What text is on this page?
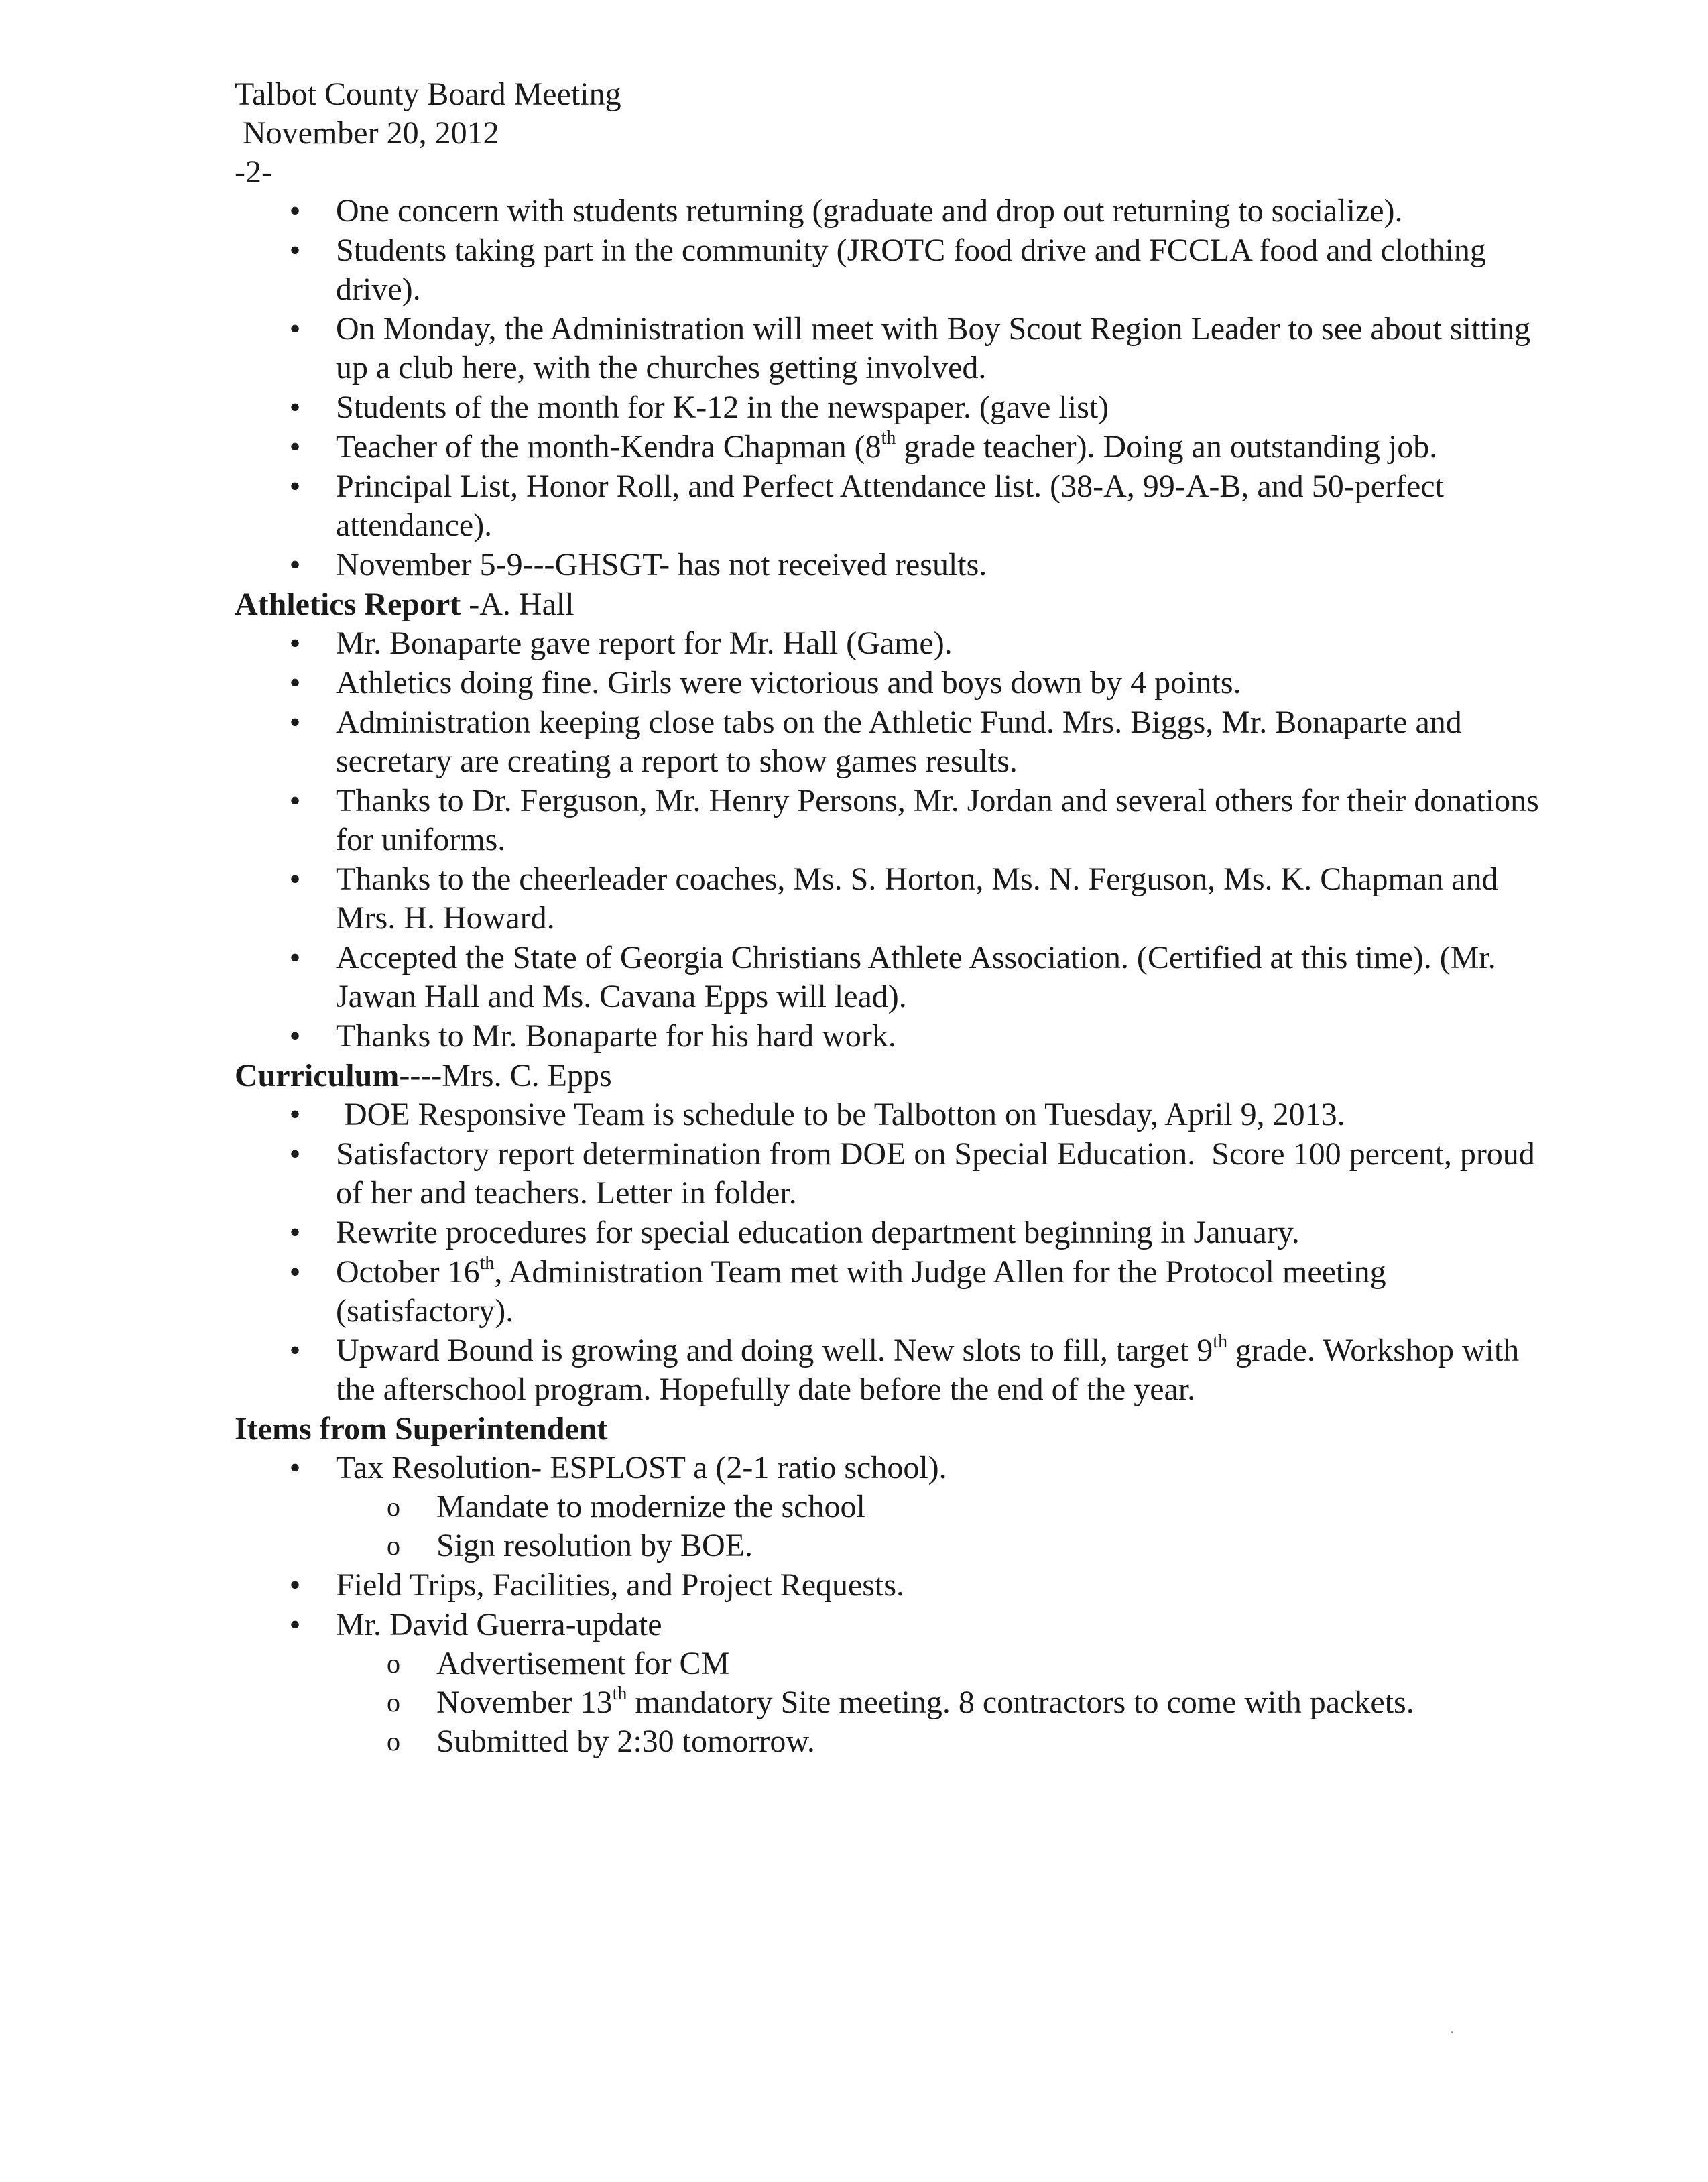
Talbot County Board Meeting
November 20, 2012
-2-
• One concern with students returning (graduate and drop out returning to socialize).
• Students taking part in the community (JROTC food drive and FCCLA food and clothing drive).
• On Monday, the Administration will meet with Boy Scout Region Leader to see about sitting up a club here, with the churches getting involved.
• Students of the month for K-12 in the newspaper. (gave list)
• Teacher of the month-Kendra Chapman (8th grade teacher). Doing an outstanding job.
• Principal List, Honor Roll, and Perfect Attendance list. (38-A, 99-A-B, and 50-perfect attendance).
• November 5-9---GHSGT- has not received results.
Athletics Report -A. Hall
• Mr. Bonaparte gave report for Mr. Hall (Game).
• Athletics doing fine. Girls were victorious and boys down by 4 points.
• Administration keeping close tabs on the Athletic Fund. Mrs. Biggs, Mr. Bonaparte and secretary are creating a report to show games results.
• Thanks to Dr. Ferguson, Mr. Henry Persons, Mr. Jordan and several others for their donations for uniforms.
• Thanks to the cheerleader coaches, Ms. S. Horton, Ms. N. Ferguson, Ms. K. Chapman and Mrs. H. Howard.
• Accepted the State of Georgia Christians Athlete Association. (Certified at this time). (Mr. Jawan Hall and Ms. Cavana Epps will lead).
• Thanks to Mr. Bonaparte for his hard work.
Curriculum----Mrs. C. Epps
• DOE Responsive Team is schedule to be Talbotton on Tuesday, April 9, 2013.
• Satisfactory report determination from DOE on Special Education.  Score 100 percent, proud of her and teachers. Letter in folder.
• Rewrite procedures for special education department beginning in January.
• October 16th, Administration Team met with Judge Allen for the Protocol meeting (satisfactory).
• Upward Bound is growing and doing well. New slots to fill, target 9th grade. Workshop with the afterschool program. Hopefully date before the end of the year.
Items from Superintendent
• Tax Resolution- ESPLOST a (2-1 ratio school).
o Mandate to modernize the school
o Sign resolution by BOE.
• Field Trips, Facilities, and Project Requests.
• Mr. David Guerra-update
o Advertisement for CM
o November 13th mandatory Site meeting. 8 contractors to come with packets.
o Submitted by 2:30 tomorrow.
